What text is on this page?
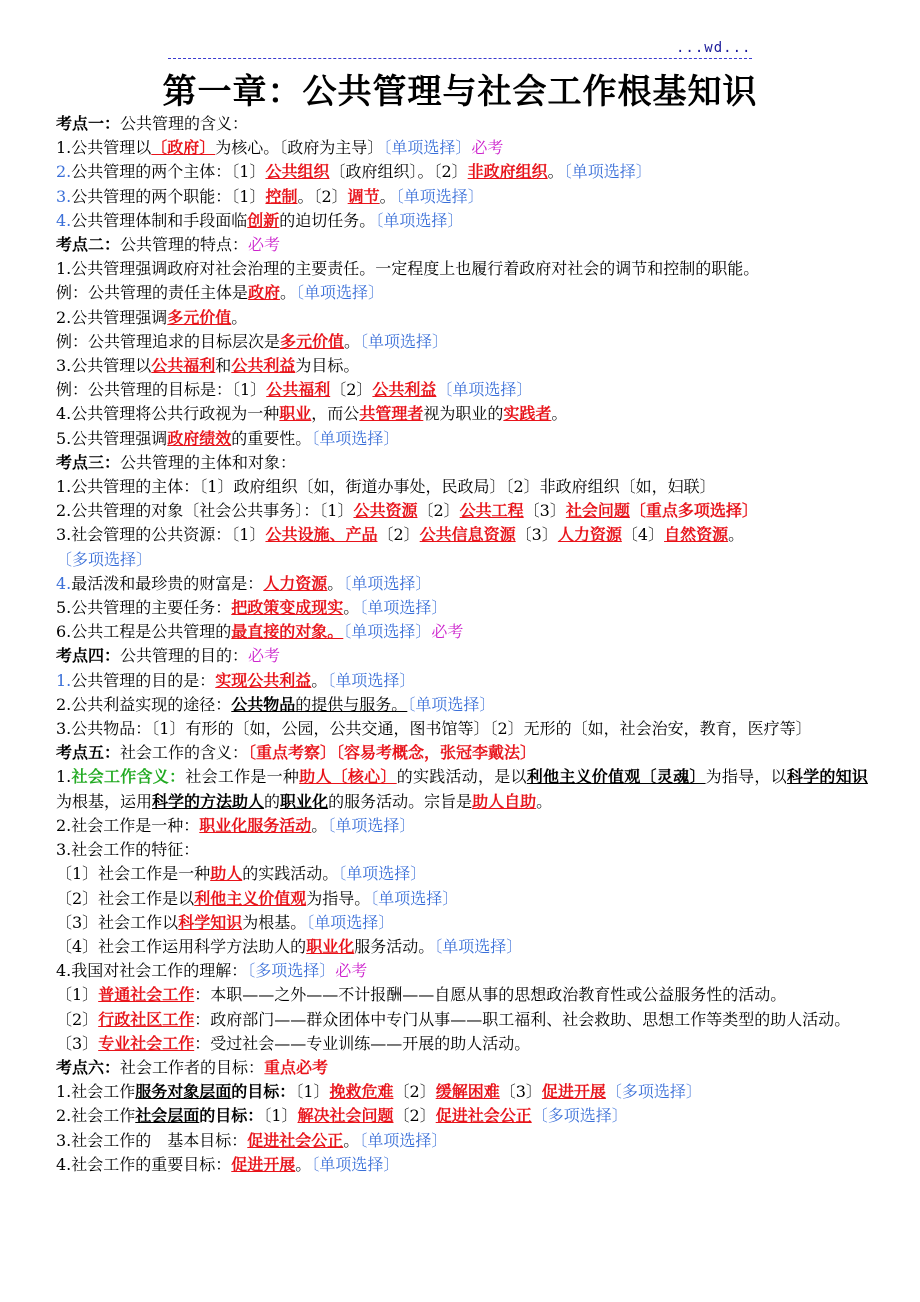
...wd...
第一章：公共管理与社会工作根基知识
考点一：公共管理的含义：
1.公共管理以〔政府〕为核心。〔政府为主导〕〔单项选择〕必考
2.公共管理的两个主体：〔1〕公共组织〔政府组织〕。〔2〕非政府组织。〔单项选择〕
3.公共管理的两个职能：〔1〕控制。〔2〕调节。〔单项选择〕
4.公共管理体制和手段面临创新的迫切任务。〔单项选择〕
考点二：公共管理的特点：必考
1.公共管理强调政府对社会治理的主要责任。一定程度上也履行着政府对社会的调节和控制的职能。
例：公共管理的责任主体是政府。〔单项选择〕
2.公共管理强调多元价值。
例：公共管理追求的目标层次是多元价值。〔单项选择〕
3.公共管理以公共福利和公共利益为目标。
例：公共管理的目标是：〔1〕公共福利〔2〕公共利益〔单项选择〕
4.公共管理将公共行政视为一种职业，而公共管理者视为职业的实践者。
5.公共管理强调政府绩效的重要性。〔单项选择〕
考点三：公共管理的主体和对象：
1.公共管理的主体：〔1〕政府组织〔如，街道办事处，民政局〕〔2〕非政府组织〔如，妇联〕
2.公共管理的对象〔社会公共事务〕：〔1〕公共资源〔2〕公共工程〔3〕社会问题〔重点多项选择〕
3.社会管理的公共资源：〔1〕公共设施、产品〔2〕公共信息资源〔3〕人力资源〔4〕自然资源。
〔多项选择〕
4.最活泼和最珍贵的财富是：人力资源。〔单项选择〕
5.公共管理的主要任务：把政策变成现实。〔单项选择〕
6.公共工程是公共管理的最直接的对象。〔单项选择〕必考
考点四：公共管理的目的：必考
1.公共管理的目的是：实现公共利益。〔单项选择〕
2.公共利益实现的途径：公共物品的提供与服务。〔单项选择〕
3.公共物品：〔1〕有形的〔如，公园，公共交通，图书馆等〕〔2〕无形的〔如，社会治安，教育，医疗等〕
考点五：社会工作的含义：〔重点考察〕〔容易考概念，张冠李戴法〕
1.社会工作含义：社会工作是一种助人〔核心〕的实践活动，是以利他主义价值观〔灵魂〕为指导，以科学的知识为根基，运用科学的方法助人的职业化的服务活动。宗旨是助人自助。
2.社会工作是一种：职业化服务活动。〔单项选择〕
3.社会工作的特征：
〔1〕社会工作是一种助人的实践活动。〔单项选择〕
〔2〕社会工作是以利他主义价值观为指导。〔单项选择〕
〔3〕社会工作以科学知识为根基。〔单项选择〕
〔4〕社会工作运用科学方法助人的职业化服务活动。〔单项选择〕
4.我国对社会工作的理解：〔多项选择〕必考
〔1〕普通社会工作：本职——之外——不计报酬——自愿从事的思想政治教育性或公益服务性的活动。
〔2〕行政社区工作：政府部门——群众团体中专门从事——职工福利、社会救助、思想工作等类型的助人活动。
〔3〕专业社会工作：受过社会——专业训练——开展的助人活动。
考点六：社会工作者的目标：重点必考
1.社会工作服务对象层面的目标：〔1〕挽救危难〔2〕缓解困难〔3〕促进开展〔多项选择〕
2.社会工作社会层面的目标：〔1〕解决社会问题〔2〕促进社会公正〔多项选择〕
3.社会工作的　基本目标：促进社会公正。〔单项选择〕
4.社会工作的重要目标：促进开展。〔单项选择〕
